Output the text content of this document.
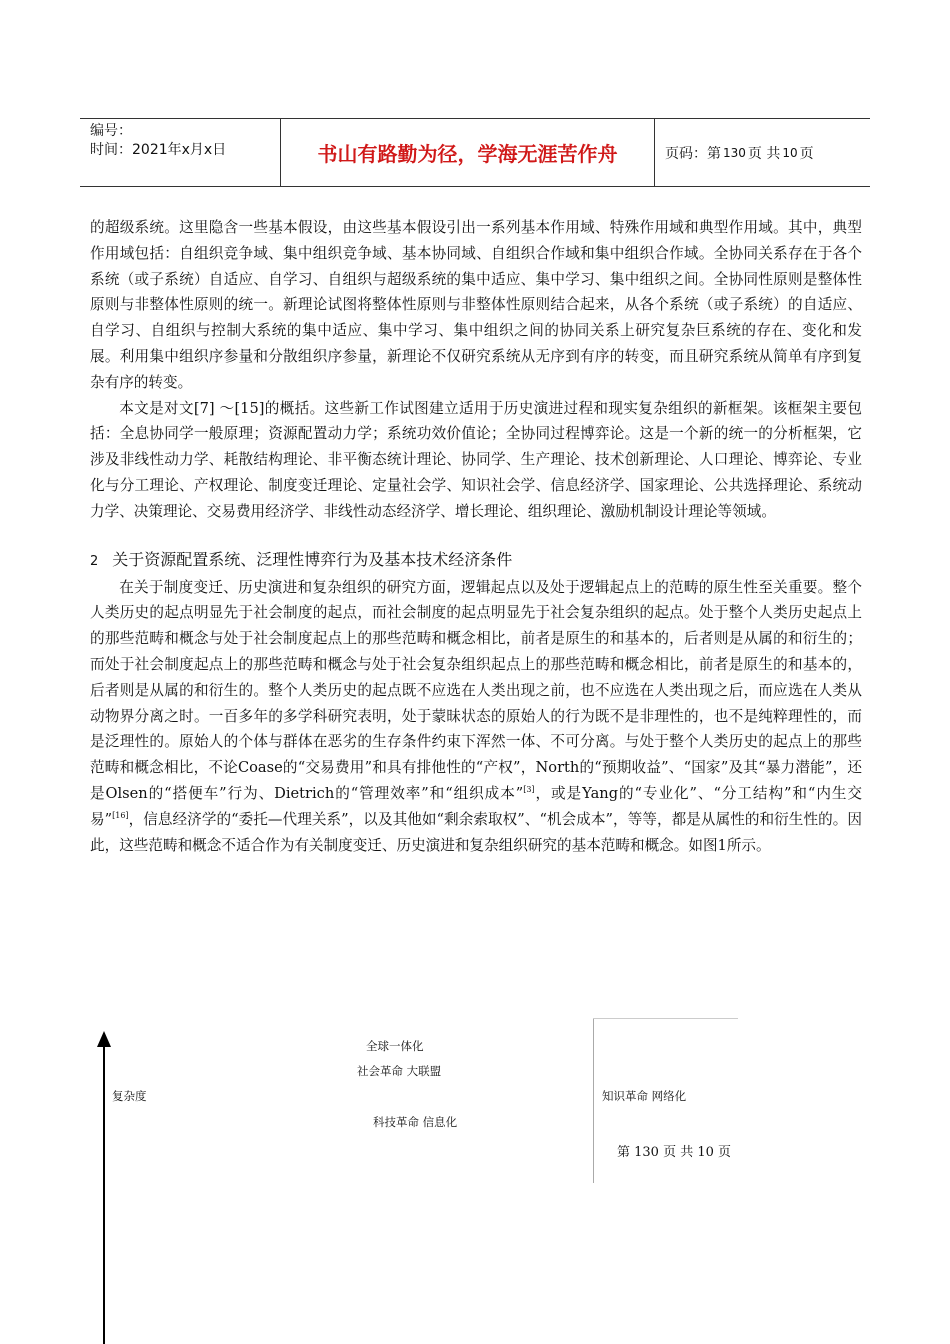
编号：
时间：2021年x月x日	书山有路勤为径，学海无涯苦作舟	页码：第 130 页 共 10 页

的超级系统。这里隐含一些基本假设，由这些基本假设引出一系列基本作用域、特殊作用域和典型作用域。其中，典型作用域包括：自组织竞争域、集中组织竞争域、基本协同域、自组织合作域和集中组织合作域。全协同关系存在于各个系统（或子系统）自适应、自学习、自组织与超级系统的集中适应、集中学习、集中组织之间。全协同性原则是整体性原则与非整体性原则的统一。新理论试图将整体性原则与非整体性原则结合起来，从各个系统（或子系统）的自适应、自学习、自组织与控制大系统的集中适应、集中学习、集中组织之间的协同关系上研究复杂巨系统的存在、变化和发展。利用集中组织序参量和分散组织序参量，新理论不仅研究系统从无序到有序的转变，而且研究系统从简单有序到复杂有序的转变。

本文是对文[7] ～[15]的概括。这些新工作试图建立适用于历史演进过程和现实复杂组织的新框架。该框架主要包括：全息协同学一般原理；资源配置动力学；系统功效价值论；全协同过程博弈论。这是一个新的统一的分析框架，它涉及非线性动力学、耗散结构理论、非平衡态统计理论、协同学、生产理论、技术创新理论、人口理论、博弈论、专业化与分工理论、产权理论、制度变迁理论、定量社会学、知识社会学、信息经济学、国家理论、公共选择理论、系统动力学、决策理论、交易费用经济学、非线性动态经济学、增长理论、组织理论、激励机制设计理论等领域。

2 关于资源配置系统、泛理性博弈行为及基本技术经济条件

在关于制度变迁、历史演进和复杂组织的研究方面，逻辑起点以及处于逻辑起点上的范畴的原生性至关重要。整个人类历史的起点明显先于社会制度的起点，而社会制度的起点明显先于社会复杂组织的起点。处于整个人类历史起点上的那些范畴和概念与处于社会制度起点上的那些范畴和概念相比，前者是原生的和基本的，后者则是从属的和衍生的；而处于社会制度起点上的那些范畴和概念与处于社会复杂组织起点上的那些范畴和概念相比，前者是原生的和基本的，后者则是从属的和衍生的。整个人类历史的起点既不应选在人类出现之前，也不应选在人类出现之后，而应选在人类从动物界分离之时。一百多年的多学科研究表明，处于蒙昧状态的原始人的行为既不是非理性的，也不是纯粹理性的，而是泛理性的。原始人的个体与群体在恶劣的生存条件约束下浑然一体、不可分离。与处于整个人类历史的起点上的那些范畴和概念相比，不论Coase的“交易费用”和具有排他性的“产权”，North的“预期收益”、“国家”及其“暴力潜能”，还是Olsen的“搭便车”行为、Dietrich的“管理效率”和“组织成本”[3]，或是Yang的“专业化”、“分工结构”和“内生交易”[16]，信息经济学的“委托—代理关系”，以及其他如“剩余索取权”、“机会成本”，等等，都是从属性的和衍生性的。因此，这些范畴和概念不适合作为有关制度变迁、历史演进和复杂组织研究的基本范畴和概念。如图1所示。

全球一体化
社会革命 大联盟
复杂度	知识革命 网络化
科技革命 信息化
第 130 页 共 10 页
